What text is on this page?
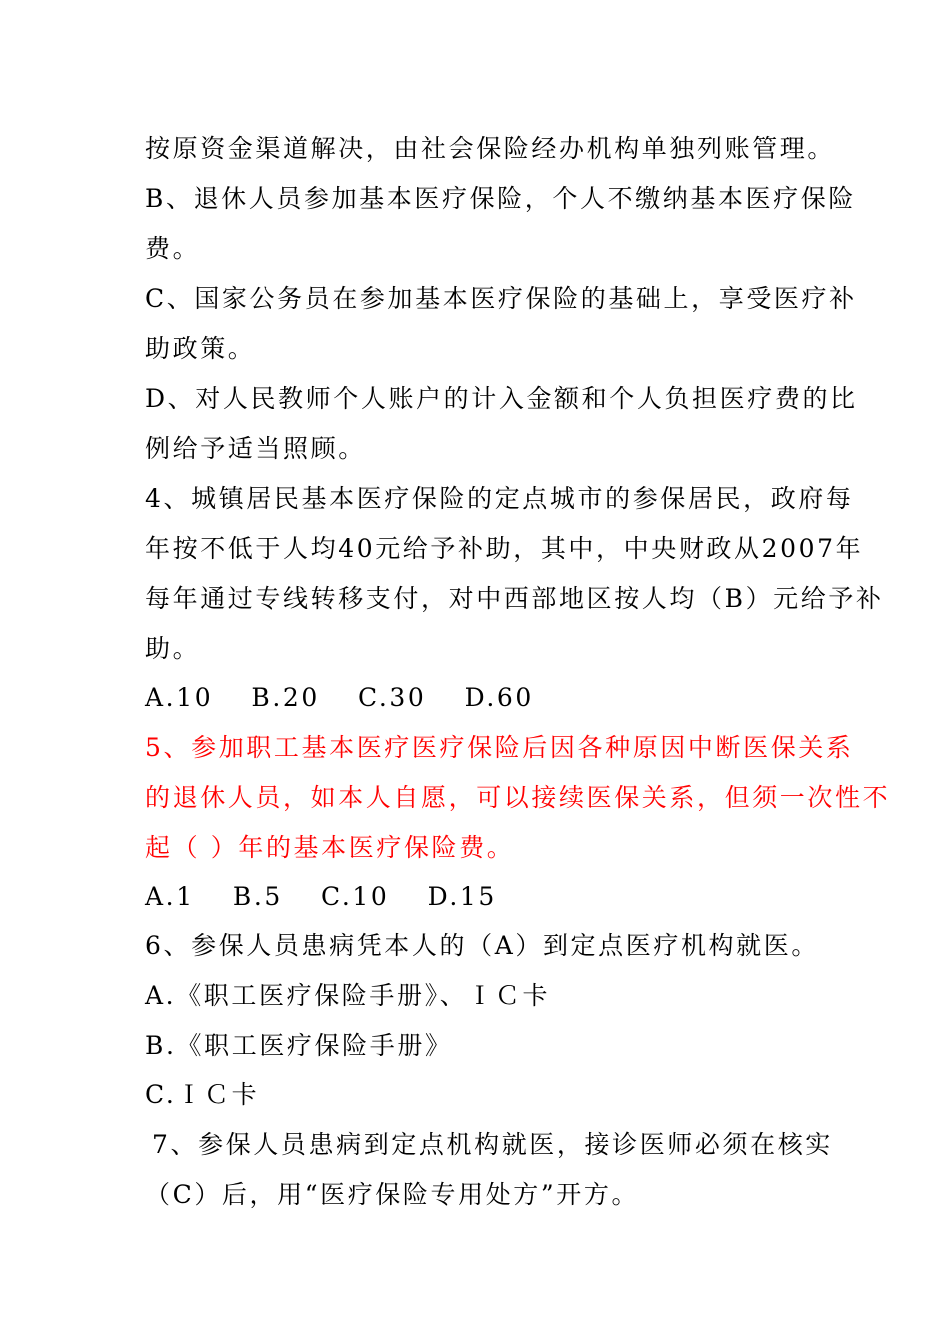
按原资金渠道解决，由社会保险经办机构单独列账管理。
B、退休人员参加基本医疗保险，个人不缴纳基本医疗保险
费。
C、国家公务员在参加基本医疗保险的基础上，享受医疗补
助政策。
D、对人民教师个人账户的计入金额和个人负担医疗费的比
例给予适当照顾。
4、城镇居民基本医疗保险的定点城市的参保居民，政府每
年按不低于人均40元给予补助，其中，中央财政从2007年
每年通过专线转移支付，对中西部地区按人均（B）元给予补
助。
A.10　 B.20　 C.30　 D.60
5、参加职工基本医疗医疗保险后因各种原因中断医保关系
的退休人员，如本人自愿，可以接续医保关系，但须一次性不
起（ ）年的基本医疗保险费。
A.1　 B.5　 C.10　 D.15
6、参保人员患病凭本人的（A）到定点医疗机构就医。
A.《职工医疗保险手册》、ＩＣ卡
B.《职工医疗保险手册》
C.ＩＣ卡
7、参保人员患病到定点机构就医，接诊医师必须在核实
（C）后，用“医疗保险专用处方”开方。
